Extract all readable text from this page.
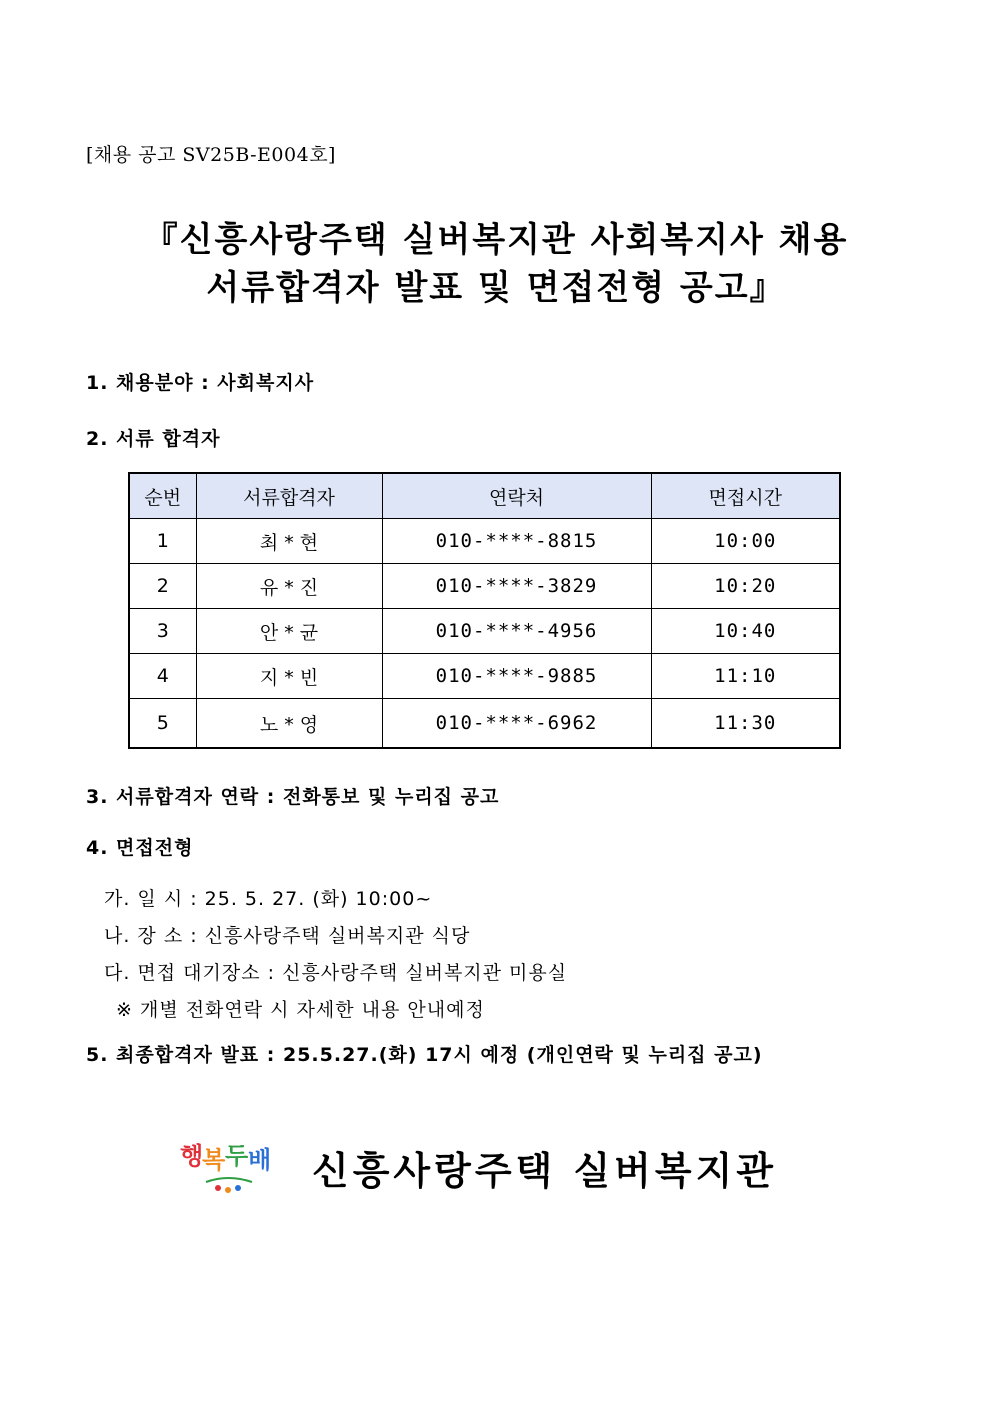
[채용 공고 SV25B-E004호]
『신흥사랑주택 실버복지관 사회복지사 채용
서류합격자 발표 및 면접전형 공고』
1. 채용분야 : 사회복지사
2. 서류 합격자
순번	서류합격자	연락처	면접시간
1	최 * 현	010-****-8815	10:00
2	유 * 진	010-****-3829	10:20
3	안 * 균	010-****-4956	10:40
4	지 * 빈	010-****-9885	11:10
5	노 * 영	010-****-6962	11:30
3. 서류합격자 연락 : 전화통보 및 누리집 공고
4. 면접전형
가. 일 시 : 25. 5. 27. (화) 10:00~
나. 장 소 : 신흥사랑주택 실버복지관 식당
다. 면접 대기장소 : 신흥사랑주택 실버복지관 미용실
※ 개별 전화연락 시 자세한 내용 안내예정
5. 최종합격자 발표 : 25.5.27.(화) 17시 예정 (개인연락 및 누리집 공고)
행
복 두 배 신흥사랑주택 실버복지관
